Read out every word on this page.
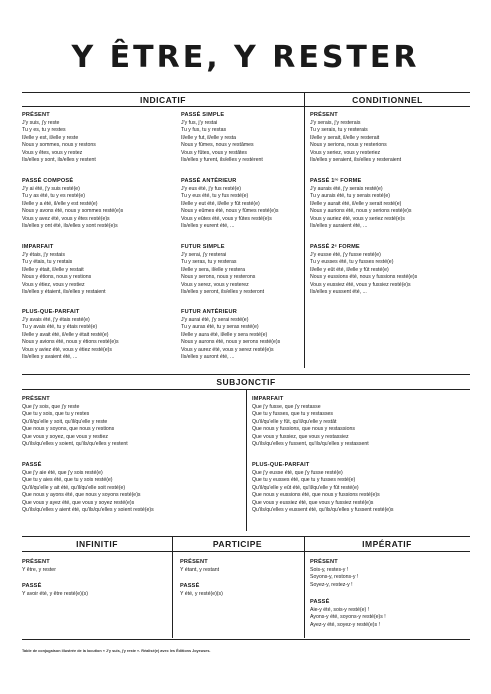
Y ÊTRE, Y RESTER
INDICATIF	CONDITIONNEL
PRÉSENT
J'y suis, j'y reste
Tu y es, tu y restes
Il/elle y est, il/elle y reste
Nous y sommes, nous y restons
Vous y êtes, vous y restez
Ils/elles y sont, ils/elles y restent
PASSÉ COMPOSÉ
J'y ai été, j'y suis resté(e)
Tu y as été, tu y es resté(e)
Il/elle y a été, il/elle y est resté(e)
Nous y avons été, nous y sommes resté(e)s
Vous y avez été, vous y êtes resté(e)s
Ils/elles y ont été, ils/elles y sont resté(e)s
IMPARFAIT
J'y étais, j'y restais
Tu y étais, tu y restais
Il/elle y était, il/elle y restait
Nous y étions, nous y restions
Vous y étiez, vous y restiez
Ils/elles y étaient, ils/elles y restaient
PLUS-QUE-PARFAIT
J'y avais été, j'y étais resté(e)
Tu y avais été, tu y étais resté(e)
Il/elle y avait été, il/elle y était resté(e)
Nous y avions été, nous y étions resté(e)s
Vous y aviez été, vous y étiez resté(e)s
Ils/elles y avaient été, ...
PASSÉ SIMPLE
J'y fus, j'y restai
Tu y fus, tu y restas
Il/elle y fut, il/elle y resta
Nous y fûmes, nous y restâmes
Vous y fûtes, vous y restâtes
Ils/elles y furent, ils/elles y restèrent
PASSÉ ANTÉRIEUR
J'y eus été, j'y fus resté(e)
Tu y eus été, tu y fus resté(e)
Il/elle y eut été, il/elle y fût resté(e)
Nous y eûmes été, nous y fûmes resté(e)s
Vous y eûtes été, vous y fûtes resté(e)s
Ils/elles y eurent été, ...
FUTUR SIMPLE
J'y serai, j'y resterai
Tu y seras, tu y resteras
Il/elle y sera, il/elle y restera
Nous y serons, nous y resterons
Vous y serez, vous y resterez
Ils/elles y seront, ils/elles y resteront
FUTUR ANTÉRIEUR
J'y aurai été, j'y serai resté(e)
Tu y auras été, tu y seras resté(e)
Il/elle y aura été, il/elle y sera resté(e)
Nous y aurons été, nous y serons resté(e)s
Vous y aurez été, vous y serez resté(e)s
Ils/elles y auront été, ...
PRÉSENT
J'y serais, j'y resterais
Tu y serais, tu y resterais
Il/elle y serait, il/elle y resterait
Nous y serions, nous y resterions
Vous y seriez, vous y resteriez
Ils/elles y seraient, ils/elles y resteraient
PASSÉ 1ʳᵉ FORME
J'y aurais été, j'y serais resté(e)
Tu y aurais été, tu y serais resté(e)
Il/elle y aurait été, il/elle y serait resté(e)
Nous y aurions été, nous y serions resté(e)s
Vous y auriez été, vous y seriez resté(e)s
Ils/elles y auraient été, ...
PASSÉ 2ᵉ FORME
J'y eusse été, j'y fusse resté(e)
Tu y eusses été, tu y fusses resté(e)
Il/elle y eût été, il/elle y fût resté(e)
Nous y eussions été, nous y fussions resté(e)s
Vous y eussiez été, vous y fussiez resté(e)s
Ils/elles y eussent été, ...
SUBJONCTIF
PRÉSENT
Que j'y sois, que j'y reste
Que tu y sois, que tu y restes
Qu'il/qu'elle y soit, qu'il/qu'elle y reste
Que nous y soyons, que nous y restions
Que vous y soyez, que vous y restiez
Qu'ils/qu'elles y soient, qu'ils/qu'elles y restent
PASSÉ
Que j'y aie été, que j'y sois resté(e)
Que tu y aies été, que tu y sois resté(e)
Qu'il/qu'elle y ait été, qu'il/qu'elle soit resté(e)
Que nous y ayons été, que nous y soyons resté(e)s
Que vous y ayez été, que vous y soyez resté(e)s
Qu'ils/qu'elles y aient été, qu'ils/qu'elles y soient resté(e)s
IMPARFAIT
Que j'y fusse, que j'y restasse
Que tu y fusses, que tu y restasses
Qu'il/qu'elle y fût, qu'il/qu'elle y restât
Que nous y fussions, que nous y restassions
Que vous y fussiez, que vous y restassiez
Qu'ils/qu'elles y fussent, qu'ils/qu'elles y restassent
PLUS-QUE-PARFAIT
Que j'y eusse été, que j'y fusse resté(e)
Que tu y eusses été, que tu y fusses resté(e)
Qu'il/qu'elle y eût été, qu'il/qu'elle y fût resté(e)
Que nous y eussions été, que nous y fussions resté(e)s
Que vous y eussiez été, que vous y fussiez resté(e)s
Qu'ils/qu'elles y eussent été, qu'ils/qu'elles y fussent resté(e)s
INFINITIF	PARTICIPE	IMPÉRATIF
PRÉSENT
Y être, y rester
PASSÉ
Y avoir été, y être resté(e)(s)
PRÉSENT
Y étant, y restant
PASSÉ
Y été, y resté(e)(s)
PRÉSENT
Sois-y, restes-y !
Soyons-y, restons-y !
Soyez-y, restez-y !
PASSÉ
Aie-y été, sois-y resté(e) !
Ayons-y été, soyons-y resté(e)s !
Ayez-y été, soyez-y resté(e)s !
Table de conjugaison illustrée de la locution « J'y suis, j'y reste ». Réalisé(e) avec les Éditions Joyeuses.
